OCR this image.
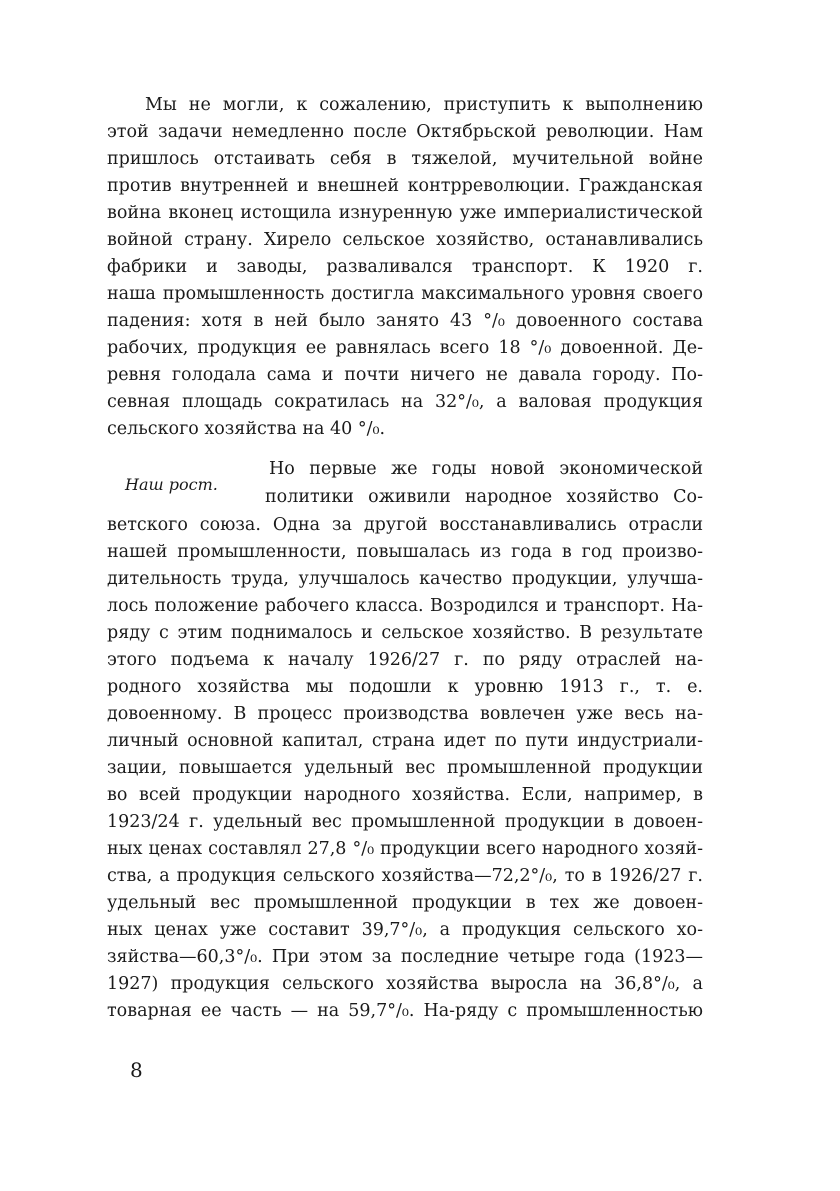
Мы не могли, к сожалению, приступить к выполнению
этой задачи немедленно после Октябрьской революции. Нам
пришлось отстаивать себя в тяжелой, мучительной войне
против внутренней и внешней контрреволюции. Гражданская
война вконец истощила изнуренную уже империалистической
войной страну. Хирело сельское хозяйство, останавливались
фабрики и заводы, разваливался транспорт. К 1920 г.
наша промышленность достигла максимального уровня своего
падения: хотя в ней было занято 43 °/₀ довоенного состава
рабочих, продукция ее равнялась всего 18 °/₀ довоенной. Де-
ревня голодала сама и почти ничего не давала городу. По-
севная площадь сократилась на 32°/₀, а валовая продукция
сельского хозяйства на 40 °/₀.
Наш рост.
Но первые же годы новой экономической
политики оживили народное хозяйство Со-
ветского союза. Одна за другой восстанавливались отрасли
нашей промышленности, повышалась из года в год произво-
дительность труда, улучшалось качество продукции, улучша-
лось положение рабочего класса. Возродился и транспорт. На-
ряду с этим поднималось и сельское хозяйство. В результате
этого подъема к началу 1926/27 г. по ряду отраслей на-
родного хозяйства мы подошли к уровню 1913 г., т. е.
довоенному. В процесс производства вовлечен уже весь на-
личный основной капитал, страна идет по пути индустриали-
зации, повышается удельный вес промышленной продукции
во всей продукции народного хозяйства. Если, например, в
1923/24 г. удельный вес промышленной продукции в довоен-
ных ценах составлял 27,8 °/₀ продукции всего народного хозяй-
ства, а продукция сельского хозяйства—72,2°/₀, то в 1926/27 г.
удельный вес промышленной продукции в тех же довоен-
ных ценах уже составит 39,7°/₀, а продукция сельского хо-
зяйства—60,3°/₀. При этом за последние четыре года (1923—
1927) продукция сельского хозяйства выросла на 36,8°/₀, а
товарная ее часть — на 59,7°/₀. На-ряду с промышленностью
8
